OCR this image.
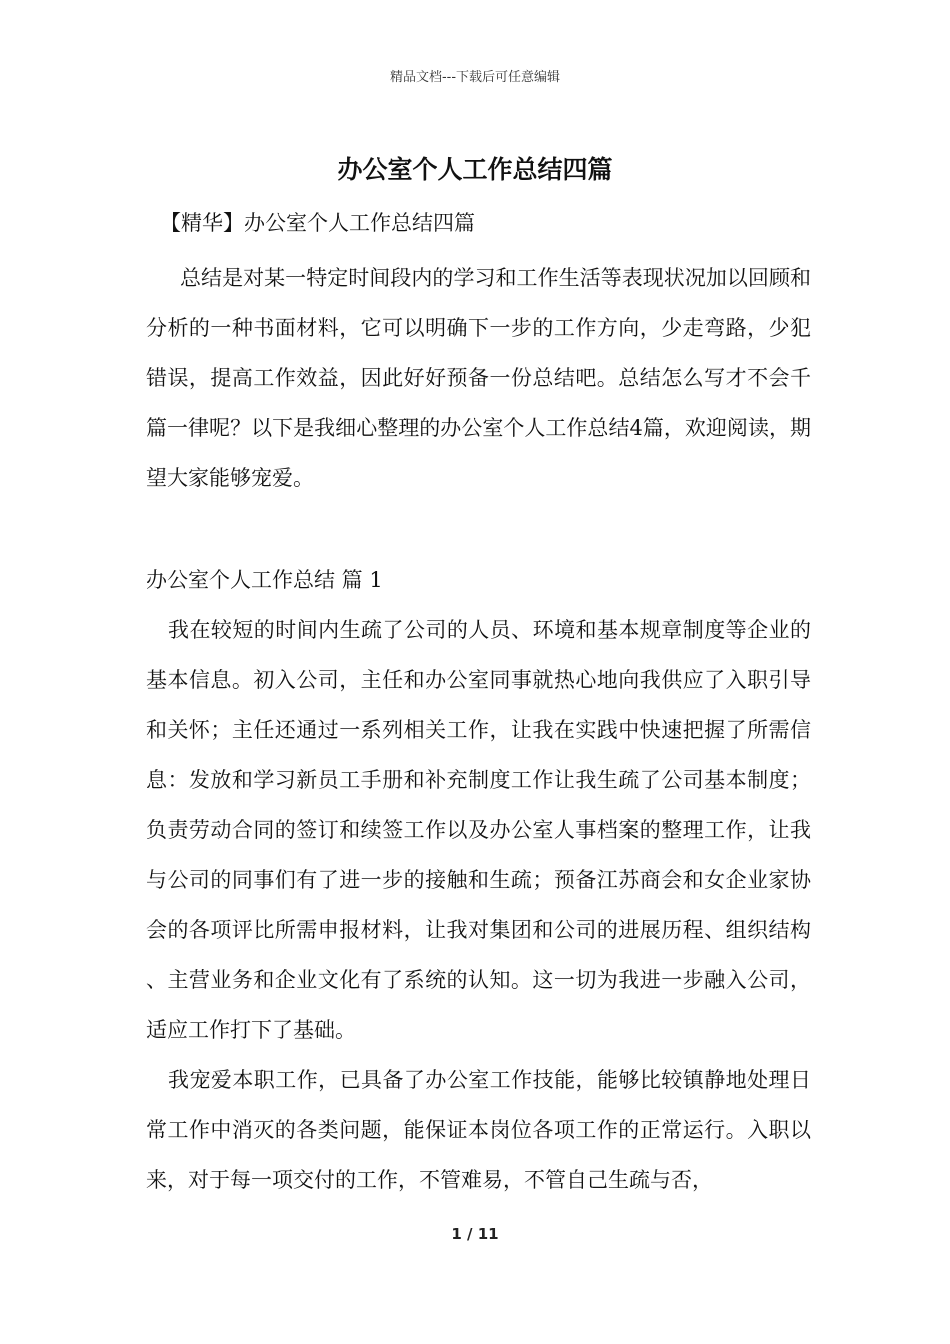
精品文档---下载后可任意编辑
办公室个人工作总结四篇

【精华】办公室个人工作总结四篇

总结是对某一特定时间段内的学习和工作生活等表现状况加以回顾和分析的一种书面材料，它可以明确下一步的工作方向，少走弯路，少犯错误，提高工作效益，因此好好预备一份总结吧。总结怎么写才不会千篇一律呢？以下是我细心整理的办公室个人工作总结4篇，欢迎阅读，期望大家能够宠爱。

办公室个人工作总结 篇 1

我在较短的时间内生疏了公司的人员、环境和基本规章制度等企业的基本信息。初入公司，主任和办公室同事就热心地向我供应了入职引导和关怀；主任还通过一系列相关工作，让我在实践中快速把握了所需信息：发放和学习新员工手册和补充制度工作让我生疏了公司基本制度；负责劳动合同的签订和续签工作以及办公室人事档案的整理工作，让我与公司的同事们有了进一步的接触和生疏；预备江苏商会和女企业家协会的各项评比所需申报材料，让我对集团和公司的进展历程、组织结构、主营业务和企业文化有了系统的认知。这一切为我进一步融入公司，适应工作打下了基础。

我宠爱本职工作，已具备了办公室工作技能，能够比较镇静地处理日常工作中消灭的各类问题，能保证本岗位各项工作的正常运行。入职以来，对于每一项交付的工作，不管难易，不管自己生疏与否，

1 / 11
